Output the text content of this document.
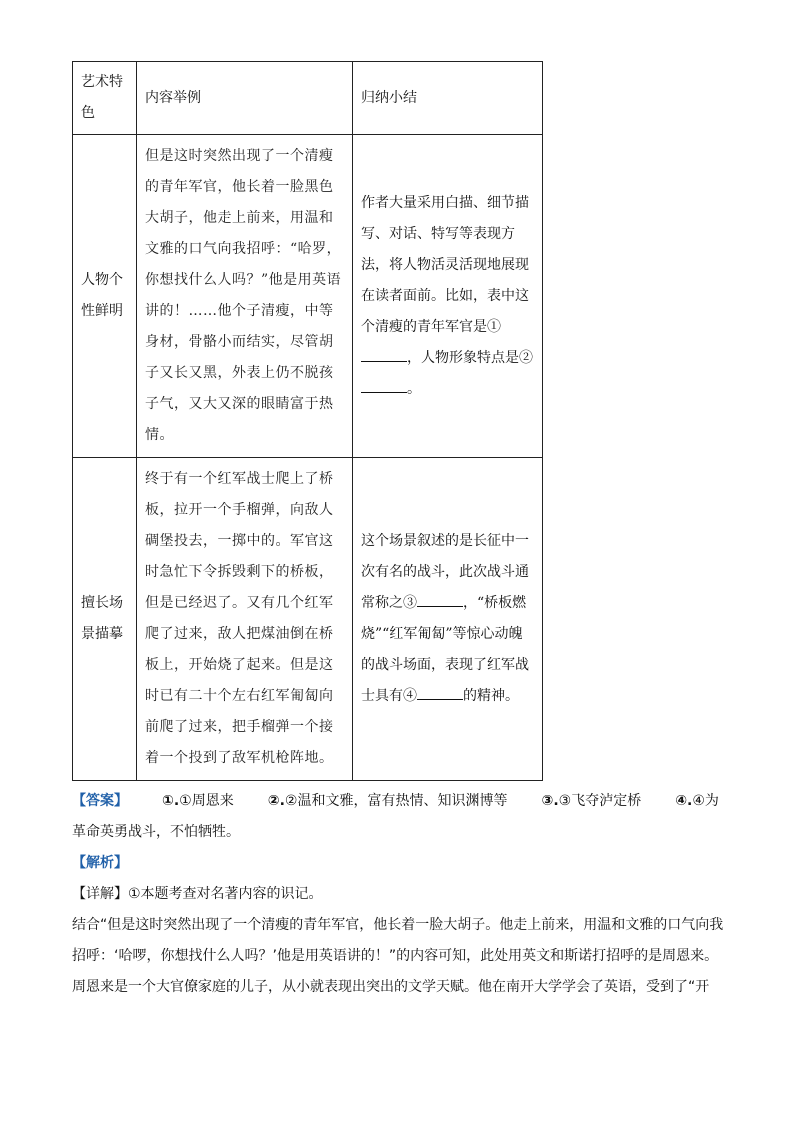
艺术特色	内容举例	归纳小结
人物个性鲜明	但是这时突然出现了一个清瘦的青年军官，他长着一脸黑色大胡子，他走上前来，用温和文雅的口气向我招呼：“哈罗，你想找什么人吗？”他是用英语讲的！……他个子清瘦，中等身材，骨骼小而结实，尽管胡子又长又黑，外表上仍不脱孩子气，又大又深的眼睛富于热情。	作者大量采用白描、细节描写、对话、特写等表现方法，将人物活灵活现地展现在读者面前。比如，表中这个清瘦的青年军官是①，人物形象特点是②。
擅长场景描摹	终于有一个红军战士爬上了桥板，拉开一个手榴弹，向敌人碉堡投去，一掷中的。军官这时急忙下令拆毁剩下的桥板，但是已经迟了。又有几个红军爬了过来，敌人把煤油倒在桥板上，开始烧了起来。但是这时已有二十个左右红军匍匐向前爬了过来，把手榴弹一个接着一个投到了敌军机枪阵地。	这个场景叙述的是长征中一次有名的战斗，此次战斗通常称之③ ，“桥板燃烧”“红军匍匐”等惊心动魄的战斗场面，表现了红军战士具有④ 的精神。

【答案】 ①.①周恩来 ②.②温和文雅，富有热情、知识渊博等 ③.③飞夺泸定桥 ④.④为

革命英勇战斗，不怕牺牲。

【解析】

【详解】①本题考查对名著内容的识记。

结合“但是这时突然出现了一个清瘦的青年军官，他长着一脸大胡子。他走上前来，用温和文雅的口气向我招呼：‘哈啰，你想找什么人吗？’他是用英语讲的！”的内容可知，此处用英文和斯诺打招呼的是周恩来。

周恩来是一个大官僚家庭的儿子，从小就表现出突出的文学天赋。他在南开大学学会了英语，受到了“开
